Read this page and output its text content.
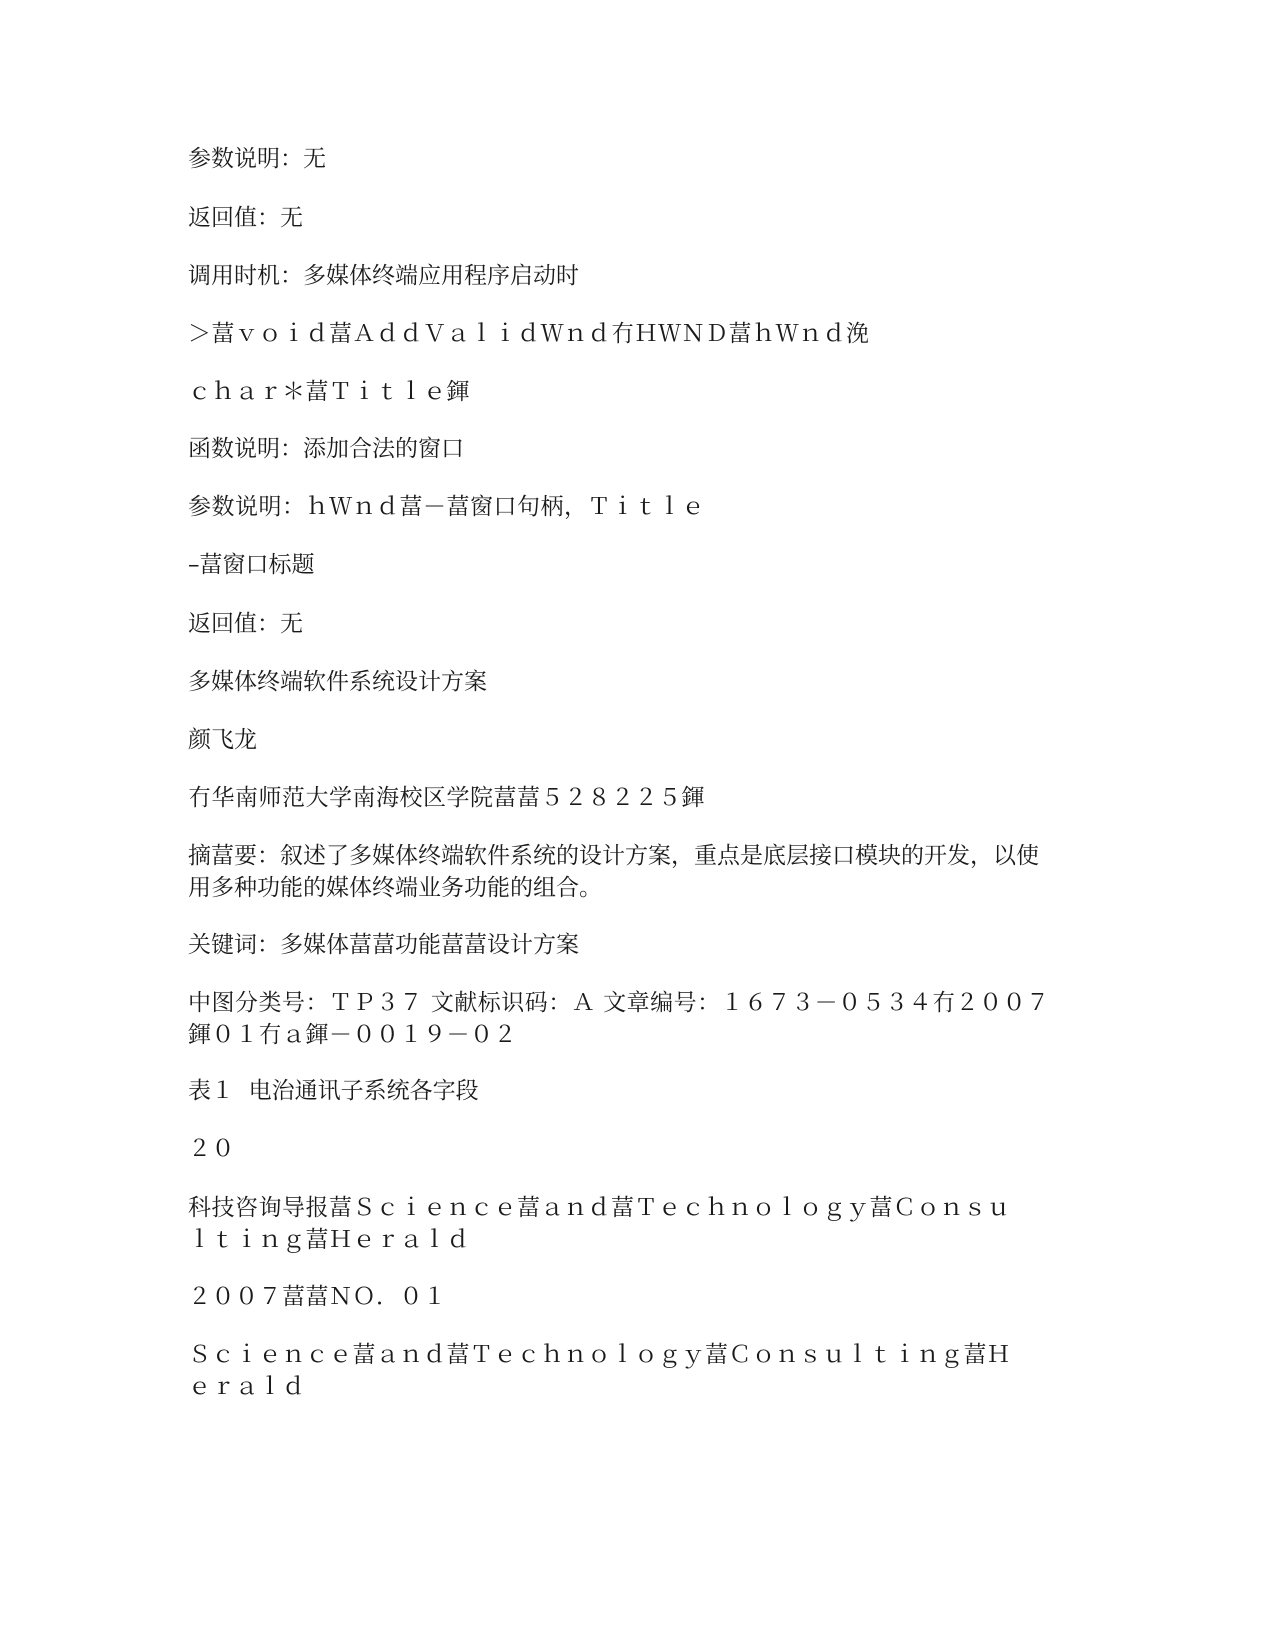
参数说明：无

返回值：无

调用时机：多媒体终端应用程序启动时

＞葍ｖｏｉｄ葍ＡｄｄＶａｌｉｄＷｎｄ冇ＨＷＮＤ葍ｈＷｎｄ浼

ｃｈａｒ＊葍Ｔｉｔｌｅ鍕

函数说明：添加合法的窗口

参数说明：ｈＷｎｄ葍－葍窗口句柄，Ｔｉｔｌｅ

–葍窗口标题

返回值：无

多媒体终端软件系统设计方案

颜飞龙

冇华南师范大学南海校区学院葍葍５２８２２５鍕

摘葍要：叙述了多媒体终端软件系统的设计方案，重点是底层接口模块的开发，以使用多种功能的媒体终端业务功能的组合。

关键词：多媒体葍葍功能葍葍设计方案

中图分类号：ＴＰ３７ 文献标识码：Ａ 文章编号：１６７３－０５３４冇２００７鍕０１冇ａ鍕－００１９－０２

表１  电治通讯子系统各字段

２０

科技咨询导报葍Ｓｃｉｅｎｃｅ葍ａｎｄ葍Ｔｅｃｈｎｏｌｏｇｙ葍Ｃｏｎｓｕｌｔｉｎｇ葍Ｈｅｒａｌｄ

２００７葍葍ＮＯ．０１

Ｓｃｉｅｎｃｅ葍ａｎｄ葍Ｔｅｃｈｎｏｌｏｇｙ葍Ｃｏｎｓｕｌｔｉｎｇ葍Ｈｅｒａｌｄ
